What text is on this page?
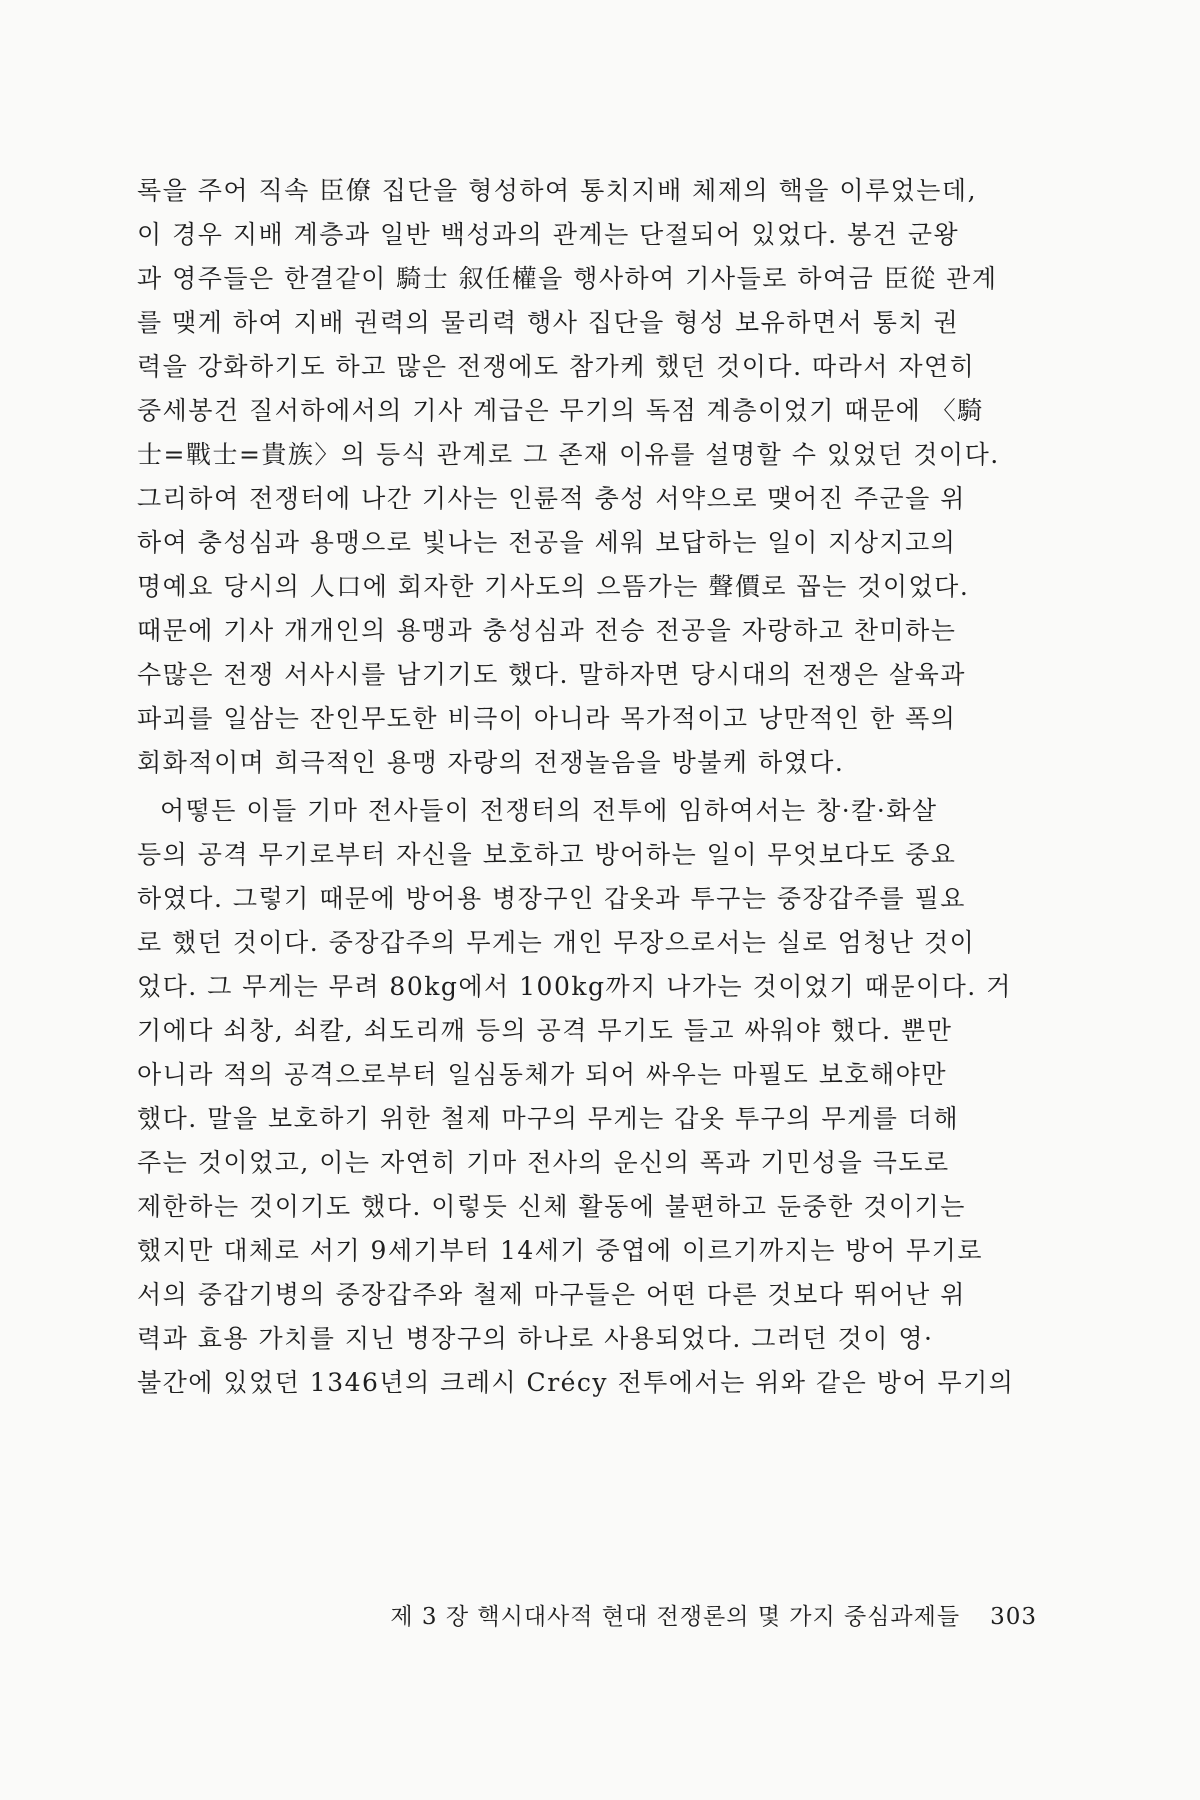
록을 주어 직속 臣僚 집단을 형성하여 통치지배 체제의 핵을 이루었는데,
이 경우 지배 계층과 일반 백성과의 관계는 단절되어 있었다. 봉건 군왕
과 영주들은 한결같이 騎士 叙任權을 행사하여 기사들로 하여금 臣從 관계
를 맺게 하여 지배 권력의 물리력 행사 집단을 형성 보유하면서 통치 권
력을 강화하기도 하고 많은 전쟁에도 참가케 했던 것이다. 따라서 자연히
중세봉건 질서하에서의 기사 계급은 무기의 독점 계층이었기 때문에 〈騎
士=戰士=貴族〉의 등식 관계로 그 존재 이유를 설명할 수 있었던 것이다.
그리하여 전쟁터에 나간 기사는 인륜적 충성 서약으로 맺어진 주군을 위
하여 충성심과 용맹으로 빛나는 전공을 세워 보답하는 일이 지상지고의
명예요 당시의 人口에 회자한 기사도의 으뜸가는 聲價로 꼽는 것이었다.
때문에 기사 개개인의 용맹과 충성심과 전승 전공을 자랑하고 찬미하는
수많은 전쟁 서사시를 남기기도 했다. 말하자면 당시대의 전쟁은 살육과
파괴를 일삼는 잔인무도한 비극이 아니라 목가적이고 낭만적인 한 폭의
회화적이며 희극적인 용맹 자랑의 전쟁놀음을 방불케 하였다.
어떻든 이들 기마 전사들이 전쟁터의 전투에 임하여서는 창·칼·화살
등의 공격 무기로부터 자신을 보호하고 방어하는 일이 무엇보다도 중요
하였다. 그렇기 때문에 방어용 병장구인 갑옷과 투구는 중장갑주를 필요
로 했던 것이다. 중장갑주의 무게는 개인 무장으로서는 실로 엄청난 것이
었다. 그 무게는 무려 80kg에서 100kg까지 나가는 것이었기 때문이다. 거
기에다 쇠창, 쇠칼, 쇠도리깨 등의 공격 무기도 들고 싸워야 했다. 뿐만
아니라 적의 공격으로부터 일심동체가 되어 싸우는 마필도 보호해야만
했다. 말을 보호하기 위한 철제 마구의 무게는 갑옷 투구의 무게를 더해
주는 것이었고, 이는 자연히 기마 전사의 운신의 폭과 기민성을 극도로
제한하는 것이기도 했다. 이렇듯 신체 활동에 불편하고 둔중한 것이기는
했지만 대체로 서기 9세기부터 14세기 중엽에 이르기까지는 방어 무기로
서의 중갑기병의 중장갑주와 철제 마구들은 어떤 다른 것보다 뛰어난 위
력과 효용 가치를 지닌 병장구의 하나로 사용되었다. 그러던 것이 영·
불간에 있었던 1346년의 크레시 Crécy 전투에서는 위와 같은 방어 무기의
제 3 장 핵시대사적 현대 전쟁론의 몇 가지 중심과제들 303
